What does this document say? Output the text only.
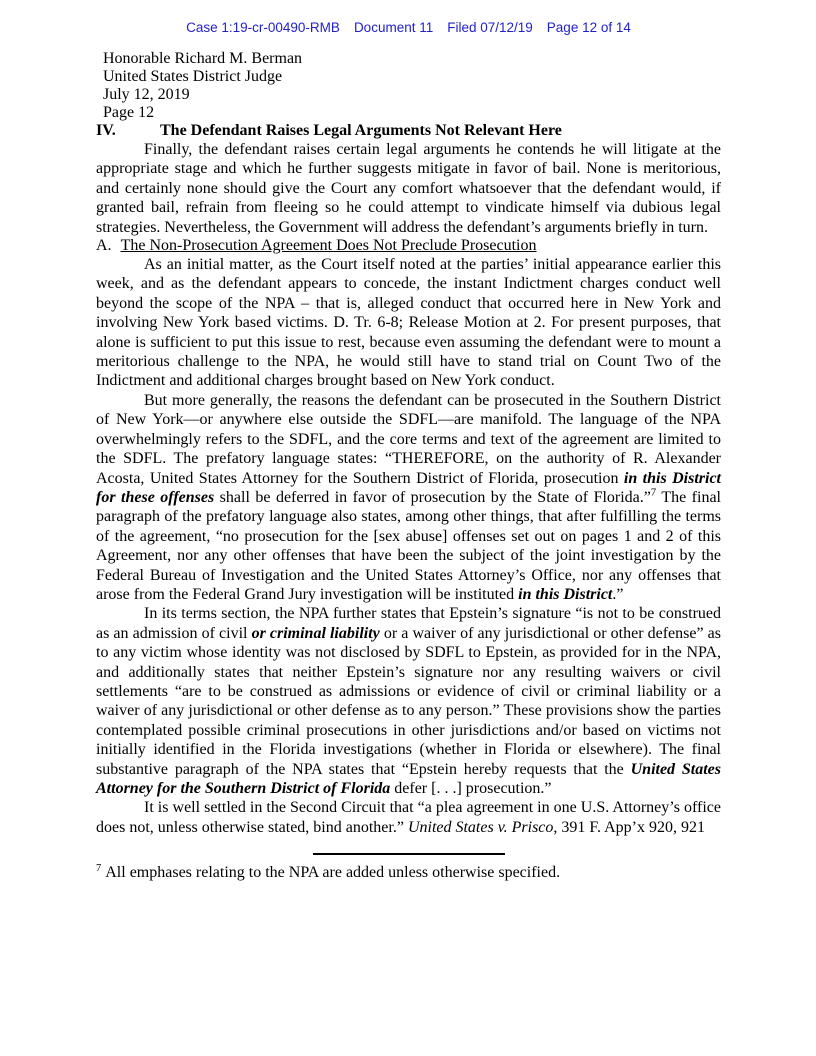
Case 1:19-cr-00490-RMB Document 11 Filed 07/12/19 Page 12 of 14
Honorable Richard M. Berman
United States District Judge
July 12, 2019
Page 12
IV.	The Defendant Raises Legal Arguments Not Relevant Here

Finally, the defendant raises certain legal arguments he contends he will litigate at the appropriate stage and which he further suggests mitigate in favor of bail. None is meritorious, and certainly none should give the Court any comfort whatsoever that the defendant would, if granted bail, refrain from fleeing so he could attempt to vindicate himself via dubious legal strategies. Nevertheless, the Government will address the defendant’s arguments briefly in turn.

A. The Non-Prosecution Agreement Does Not Preclude Prosecution

As an initial matter, as the Court itself noted at the parties’ initial appearance earlier this week, and as the defendant appears to concede, the instant Indictment charges conduct well beyond the scope of the NPA – that is, alleged conduct that occurred here in New York and involving New York based victims. D. Tr. 6-8; Release Motion at 2. For present purposes, that alone is sufficient to put this issue to rest, because even assuming the defendant were to mount a meritorious challenge to the NPA, he would still have to stand trial on Count Two of the Indictment and additional charges brought based on New York conduct.

But more generally, the reasons the defendant can be prosecuted in the Southern District of New York—or anywhere else outside the SDFL—are manifold. The language of the NPA overwhelmingly refers to the SDFL, and the core terms and text of the agreement are limited to the SDFL. The prefatory language states: “THEREFORE, on the authority of R. Alexander Acosta, United States Attorney for the Southern District of Florida, prosecution in this District for these offenses shall be deferred in favor of prosecution by the State of Florida.”$^7$ The final paragraph of the prefatory language also states, among other things, that after fulfilling the terms of the agreement, “no prosecution for the [sex abuse] offenses set out on pages 1 and 2 of this Agreement, nor any other offenses that have been the subject of the joint investigation by the Federal Bureau of Investigation and the United States Attorney’s Office, nor any offenses that arose from the Federal Grand Jury investigation will be instituted in this District.”

In its terms section, the NPA further states that Epstein’s signature “is not to be construed as an admission of civil or criminal liability or a waiver of any jurisdictional or other defense” as to any victim whose identity was not disclosed by SDFL to Epstein, as provided for in the NPA, and additionally states that neither Epstein’s signature nor any resulting waivers or civil settlements “are to be construed as admissions or evidence of civil or criminal liability or a waiver of any jurisdictional or other defense as to any person.” These provisions show the parties contemplated possible criminal prosecutions in other jurisdictions and/or based on victims not initially identified in the Florida investigations (whether in Florida or elsewhere). The final substantive paragraph of the NPA states that “Epstein hereby requests that the United States Attorney for the Southern District of Florida defer [. . .] prosecution.”

It is well settled in the Second Circuit that “a plea agreement in one U.S. Attorney’s office does not, unless otherwise stated, bind another.” United States v. Prisco, 391 F. App’x 920, 921

$^7$ All emphases relating to the NPA are added unless otherwise specified.
